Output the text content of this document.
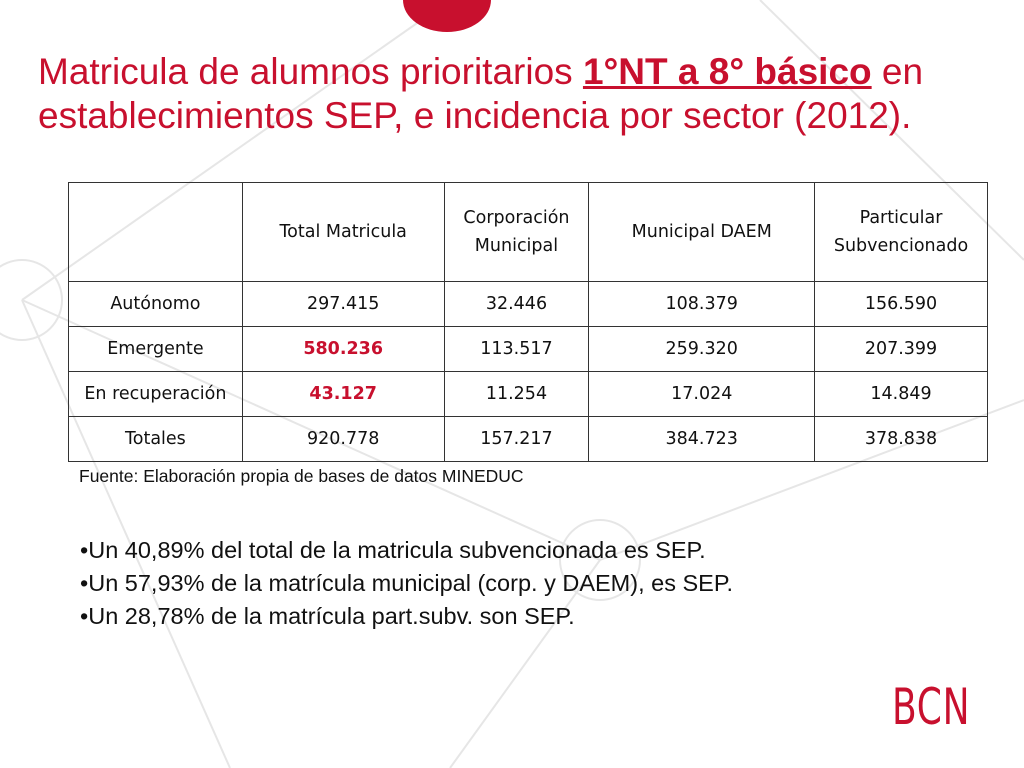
Matricula de alumnos prioritarios 1°NT a 8° básico en establecimientos SEP, e incidencia por sector (2012).
	Total Matricula	Corporación Municipal	Municipal DAEM	Particular Subvencionado
Autónomo	297.415	32.446	108.379	156.590
Emergente	580.236	113.517	259.320	207.399
En recuperación	43.127	11.254	17.024	14.849
Totales	920.778	157.217	384.723	378.838
Fuente: Elaboración propia de bases de datos MINEDUC
•Un 40,89% del total de la matricula subvencionada es SEP.
•Un 57,93% de la matrícula municipal (corp. y DAEM), es SEP.
•Un 28,78% de la matrícula part.subv. son SEP.
BCN
